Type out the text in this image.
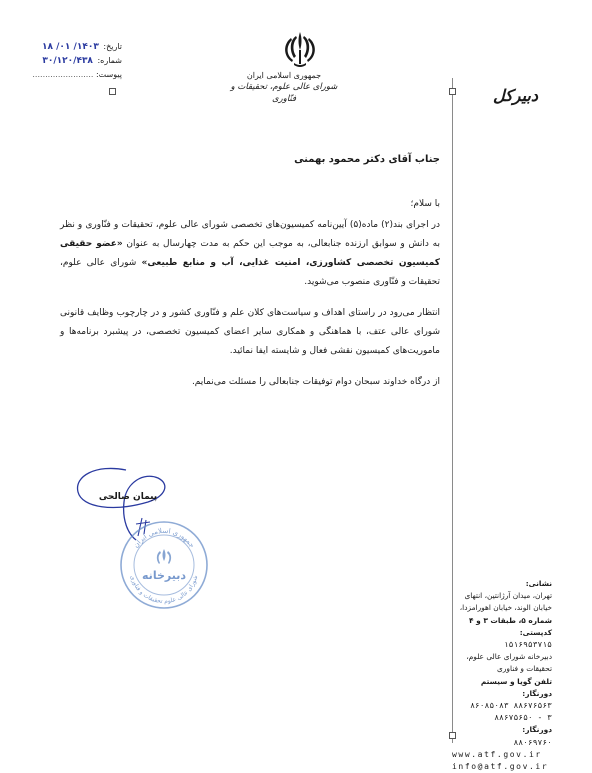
تاریخ: ۱۴۰۳/ ۰۱/ ۱۸
شماره: ۳۰/۱۲۰/۴۳۸
پیوست: ........................	جمهوری اسلامی ایران
شورای عالی علوم، تحقیقات و فنّاوری	دبیرکل
جناب آقای دکتر محمود بهمنی
با سلام؛

در اجرای بند(۲) ماده(۵) آیین‌نامه کمیسیون‌های تخصصی شورای عالی علوم، تحقیقات و فنّاوری و نظر به دانش و سوابق ارزنده جنابعالی، به موجب این حکم به مدت چهارسال به عنوان «عضو حقیقی کمیسیون تخصصی کشاورزی، امنیت غذایی، آب و منابع طبیعی» شورای عالی علوم، تحقیقات و فنّاوری منصوب می‌شوید.

انتظار می‌رود در راستای اهداف و سیاست‌های کلان علم و فنّاوری کشور و در چارچوب وظایف قانونی شورای عالی عتف، با هماهنگی و همکاری سایر اعضای کمیسیون تخصصی، در پیشبرد برنامه‌ها و ماموریت‌های کمیسیون نقشی فعال و شایسته ایفا نمائید.

از درگاه خداوند سبحان دوام توفیقات جنابعالی را مسئلت می‌نمایم.

پیمان صالحی
جمهوری اسلامی ایران
شورای عالی علوم تحقیقات و فناوری
دبیرخانه
نشانی:
تهران، میدان آرژانتین، انتهای
خیابان الوند، خیابان اهورامزدا،
شماره ۵، طبقات ۳ و ۴ کدپستی:
۱۵۱۶۹۵۳۷۱۵
دبیرخانه شورای عالی علوم،
تحقیقات و فناوری
تلفن گویا و سیستم دورنگار:
۸۸۶۷۶۵۶۳ ۸۶۰۸۵۰۸۳
۳ - ۸۸۶۷۵۶۵۰
دورنگار:
۸۸۰۶۹۷۶۰
www.atf.gov.ir
info@atf.gov.ir
